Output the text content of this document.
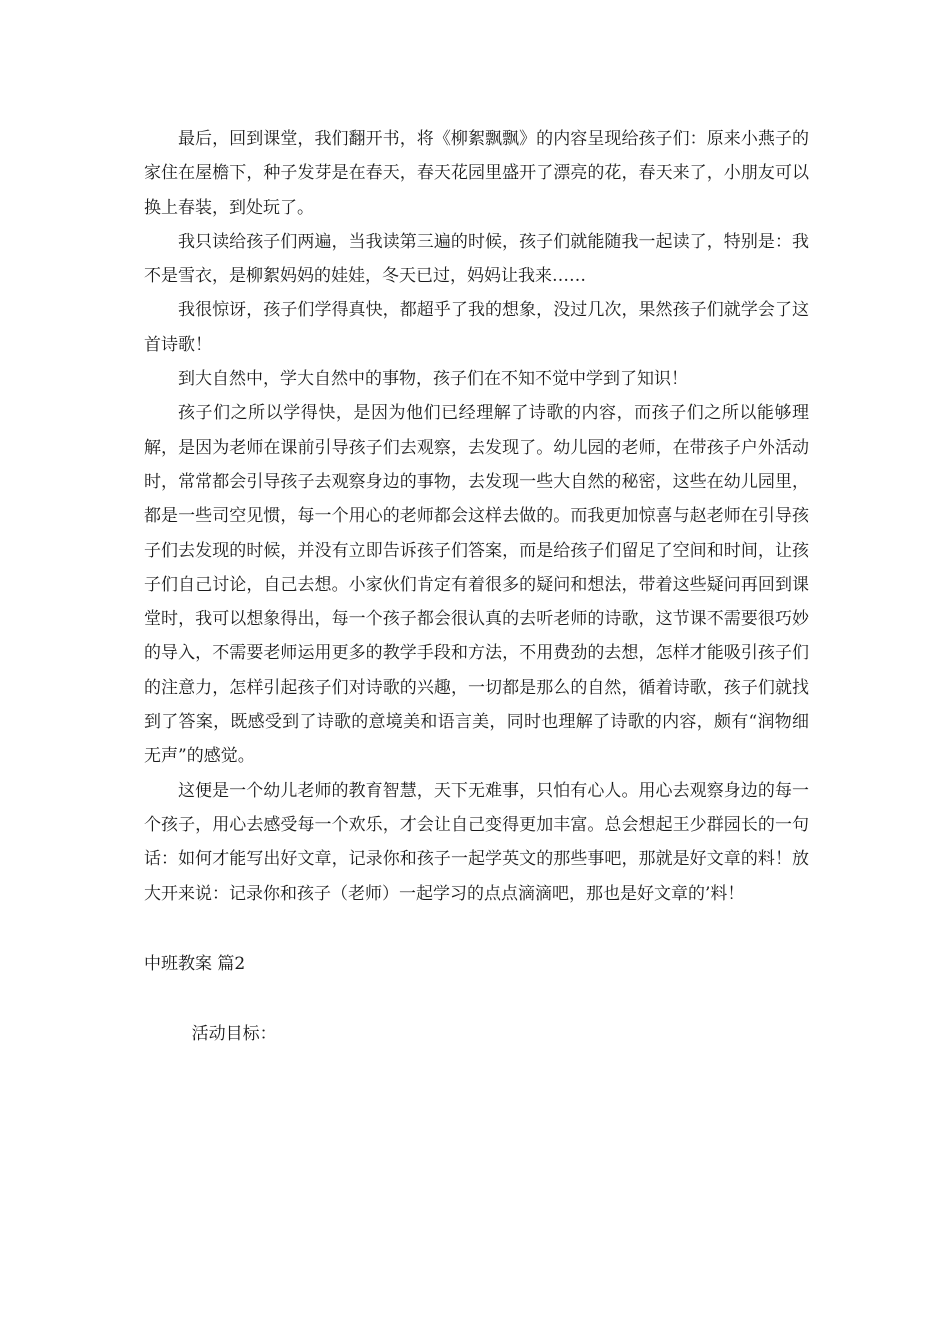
最后，回到课堂，我们翻开书，将《柳絮飘飘》的内容呈现给孩子们：原来小燕子的家住在屋檐下，种子发芽是在春天，春天花园里盛开了漂亮的花，春天来了，小朋友可以换上春装，到处玩了。

我只读给孩子们两遍，当我读第三遍的时候，孩子们就能随我一起读了，特别是：我不是雪衣，是柳絮妈妈的娃娃，冬天已过，妈妈让我来……

我很惊讶，孩子们学得真快，都超乎了我的想象，没过几次，果然孩子们就学会了这首诗歌！

到大自然中，学大自然中的事物，孩子们在不知不觉中学到了知识！

孩子们之所以学得快，是因为他们已经理解了诗歌的内容，而孩子们之所以能够理解，是因为老师在课前引导孩子们去观察，去发现了。幼儿园的老师，在带孩子户外活动时，常常都会引导孩子去观察身边的事物，去发现一些大自然的秘密，这些在幼儿园里，都是一些司空见惯，每一个用心的老师都会这样去做的。而我更加惊喜与赵老师在引导孩子们去发现的时候，并没有立即告诉孩子们答案，而是给孩子们留足了空间和时间，让孩子们自己讨论，自己去想。小家伙们肯定有着很多的疑问和想法，带着这些疑问再回到课堂时，我可以想象得出，每一个孩子都会很认真的去听老师的诗歌，这节课不需要很巧妙的导入，不需要老师运用更多的教学手段和方法，不用费劲的去想，怎样才能吸引孩子们的注意力，怎样引起孩子们对诗歌的兴趣，一切都是那么的自然，循着诗歌，孩子们就找到了答案，既感受到了诗歌的意境美和语言美，同时也理解了诗歌的内容，颇有“润物细无声”的感觉。

这便是一个幼儿老师的教育智慧，天下无难事，只怕有心人。用心去观察身边的每一个孩子，用心去感受每一个欢乐，才会让自己变得更加丰富。总会想起王少群园长的一句话：如何才能写出好文章，记录你和孩子一起学英文的那些事吧，那就是好文章的料！放大开来说：记录你和孩子（老师）一起学习的点点滴滴吧，那也是好文章的’料！

中班教案 篇2

活动目标：
